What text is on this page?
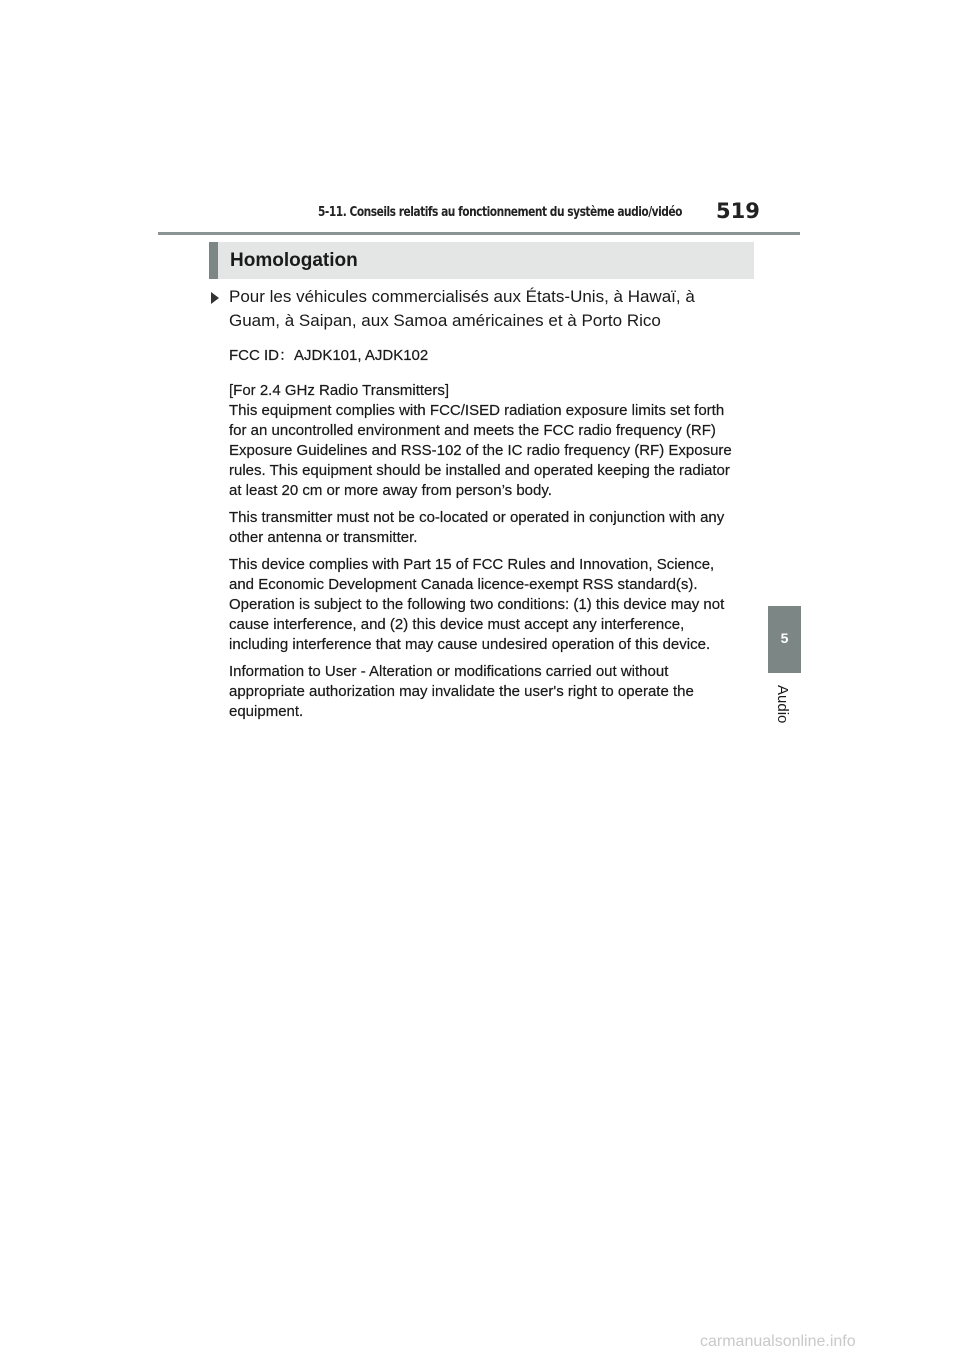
5-11. Conseils relatifs au fonctionnement du système audio/vidéo 519
Homologation
Pour les véhicules commercialisés aux États-Unis, à Hawaï, à Guam, à Saipan, aux Samoa américaines et à Porto Rico
FCC ID：AJDK101, AJDK102
[For 2.4 GHz Radio Transmitters]
This equipment complies with FCC/ISED radiation exposure limits set forth for an uncontrolled environment and meets the FCC radio frequency (RF) Exposure Guidelines and RSS-102 of the IC radio frequency (RF) Exposure rules. This equipment should be installed and operated keeping the radiator at least 20 cm or more away from person’s body.
This transmitter must not be co-located or operated in conjunction with any other antenna or transmitter.
This device complies with Part 15 of FCC Rules and Innovation, Science, and Economic Development Canada licence-exempt RSS standard(s). Operation is subject to the following two conditions: (1) this device may not cause interference, and (2) this device must accept any interference, including interference that may cause undesired operation of this device.
Information to User - Alteration or modifications carried out without appropriate authorization may invalidate the user's right to operate the equipment.
5
Audio
carmanualsonline.info
